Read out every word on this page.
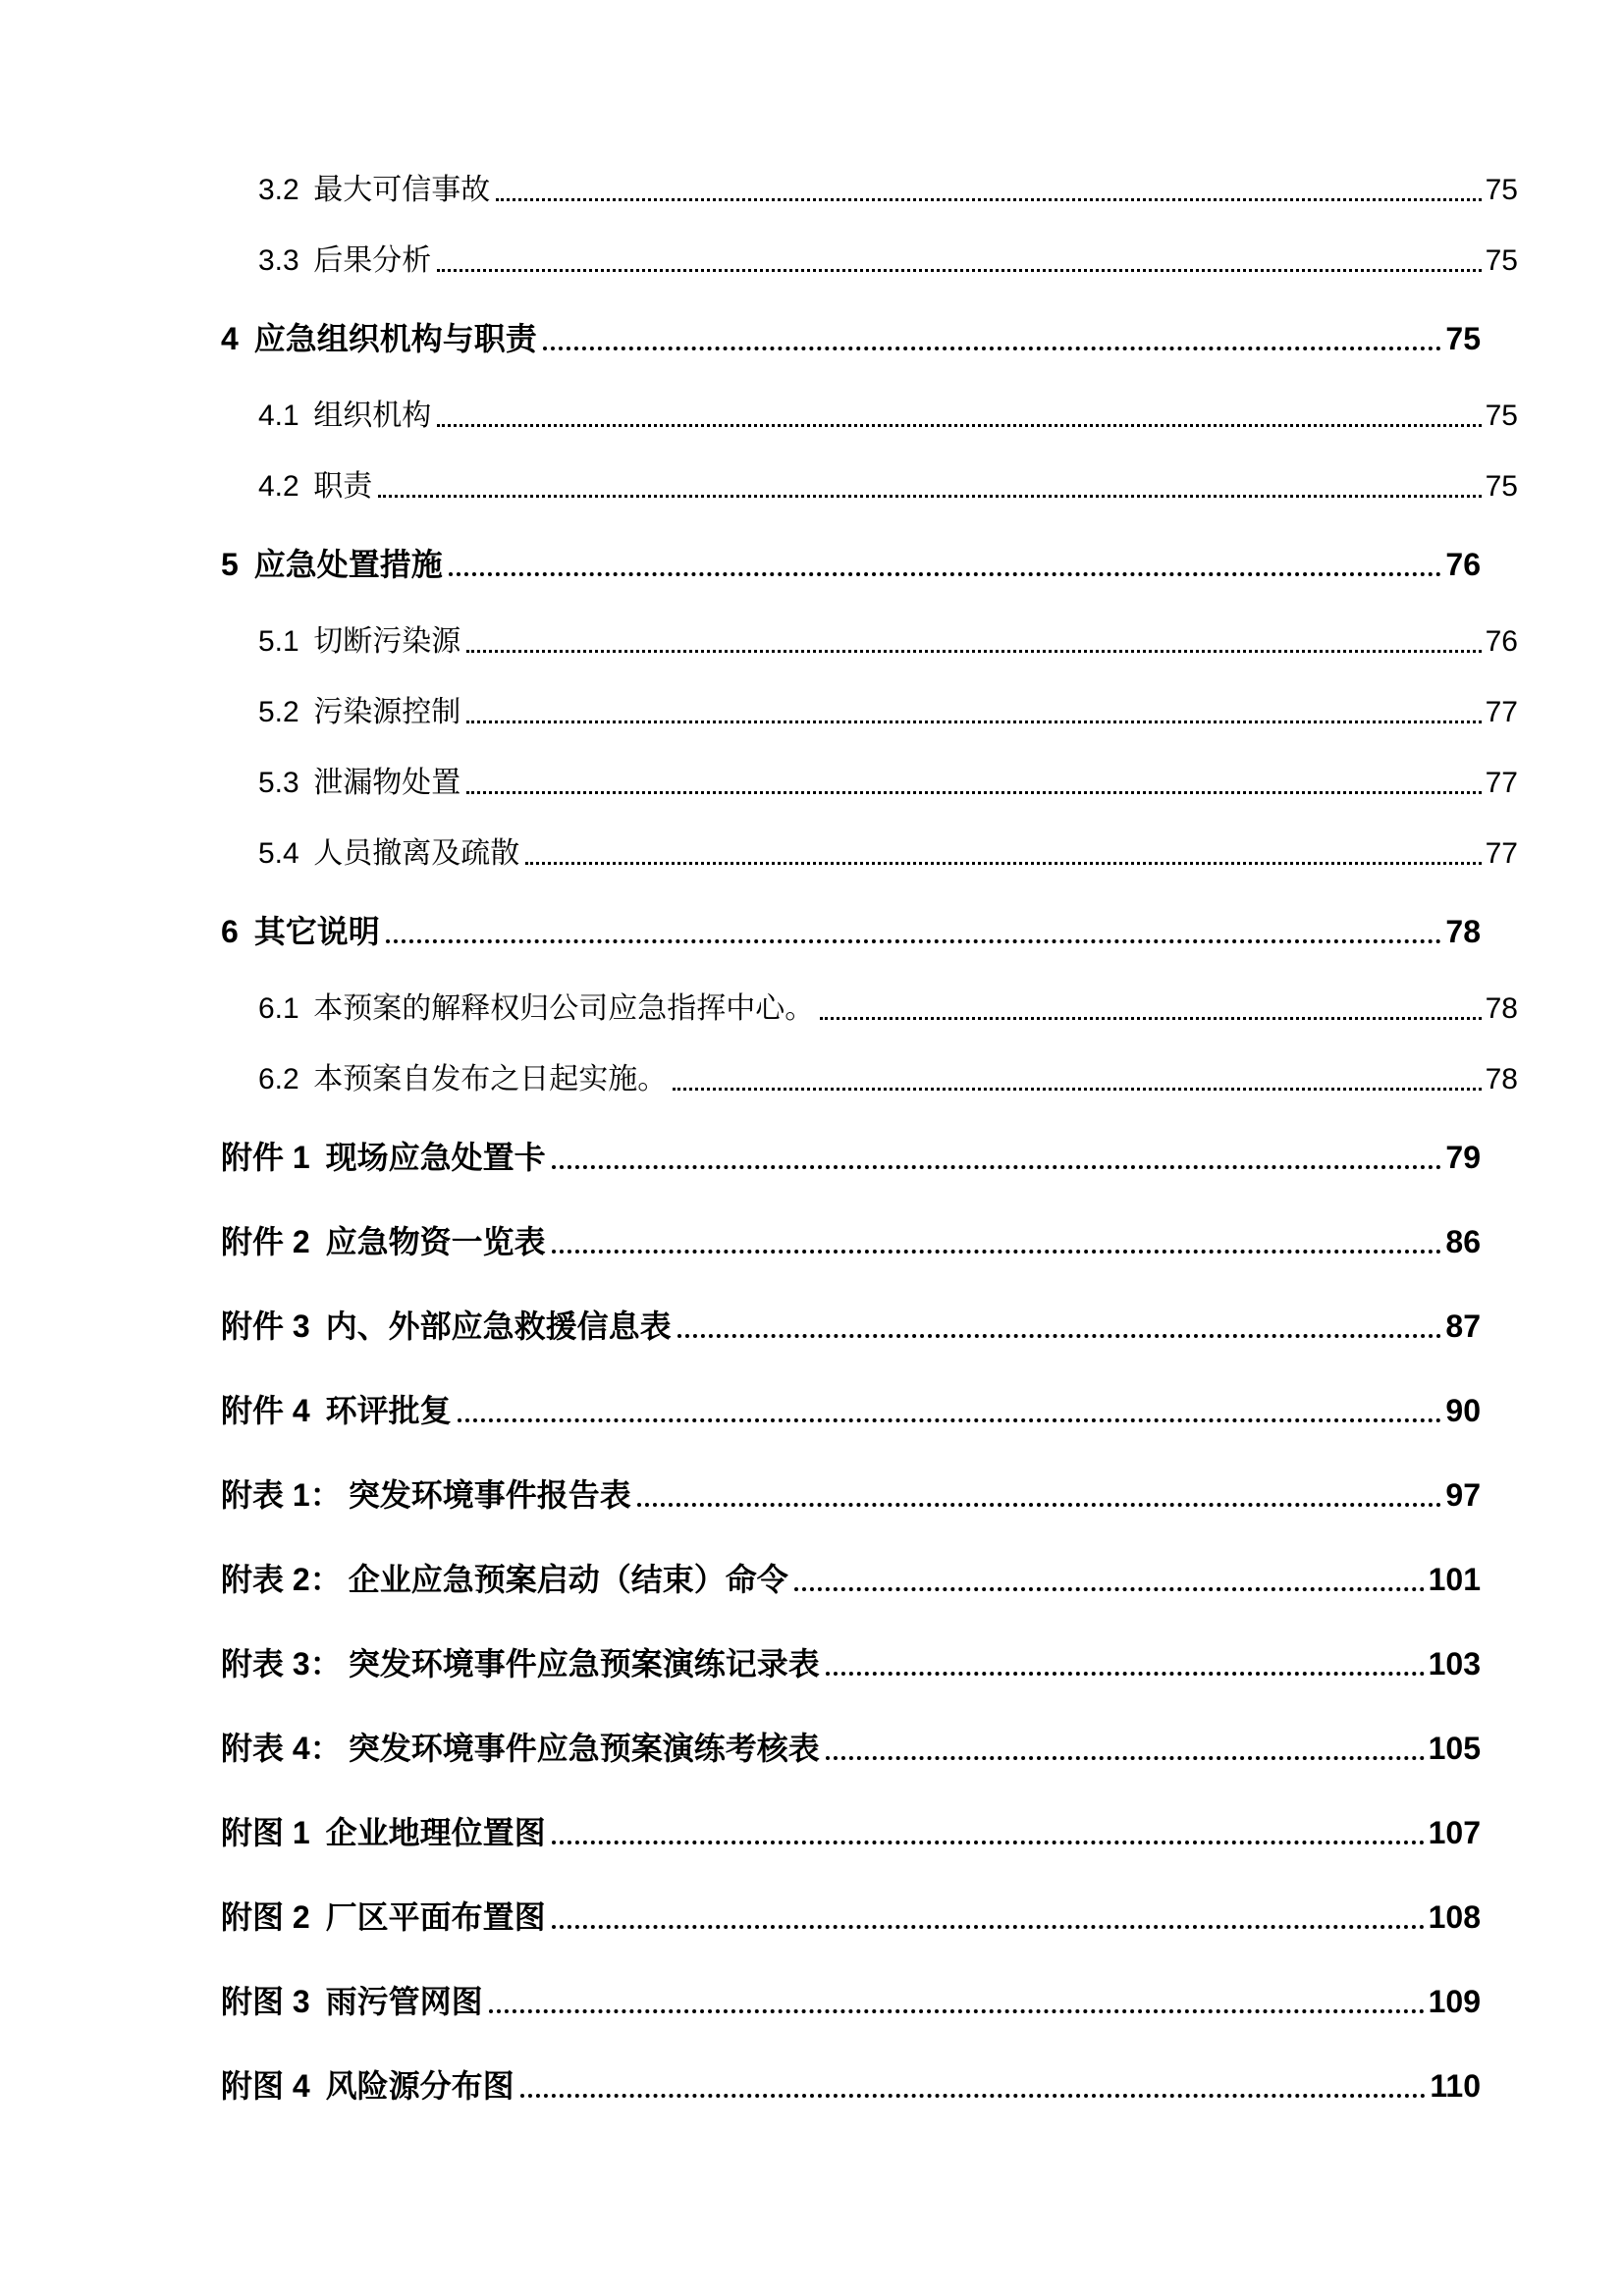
3.2 最大可信事故	75
3.3 后果分析	75
4 应急组织机构与职责	75
4.1 组织机构	75
4.2 职责	75
5 应急处置措施	76
5.1 切断污染源	76
5.2 污染源控制	77
5.3 泄漏物处置	77
5.4 人员撤离及疏散	77
6 其它说明	78
6.1 本预案的解释权归公司应急指挥中心。	78
6.2 本预案自发布之日起实施。	78
附件 1 现场应急处置卡	79
附件 2 应急物资一览表	86
附件 3 内、外部应急救援信息表	87
附件 4 环评批复	90
附表 1： 突发环境事件报告表	97
附表 2： 企业应急预案启动（结束）命令	101
附表 3： 突发环境事件应急预案演练记录表	103
附表 4： 突发环境事件应急预案演练考核表	105
附图 1 企业地理位置图	107
附图 2 厂区平面布置图	108
附图 3 雨污管网图	109
附图 4 风险源分布图	110
